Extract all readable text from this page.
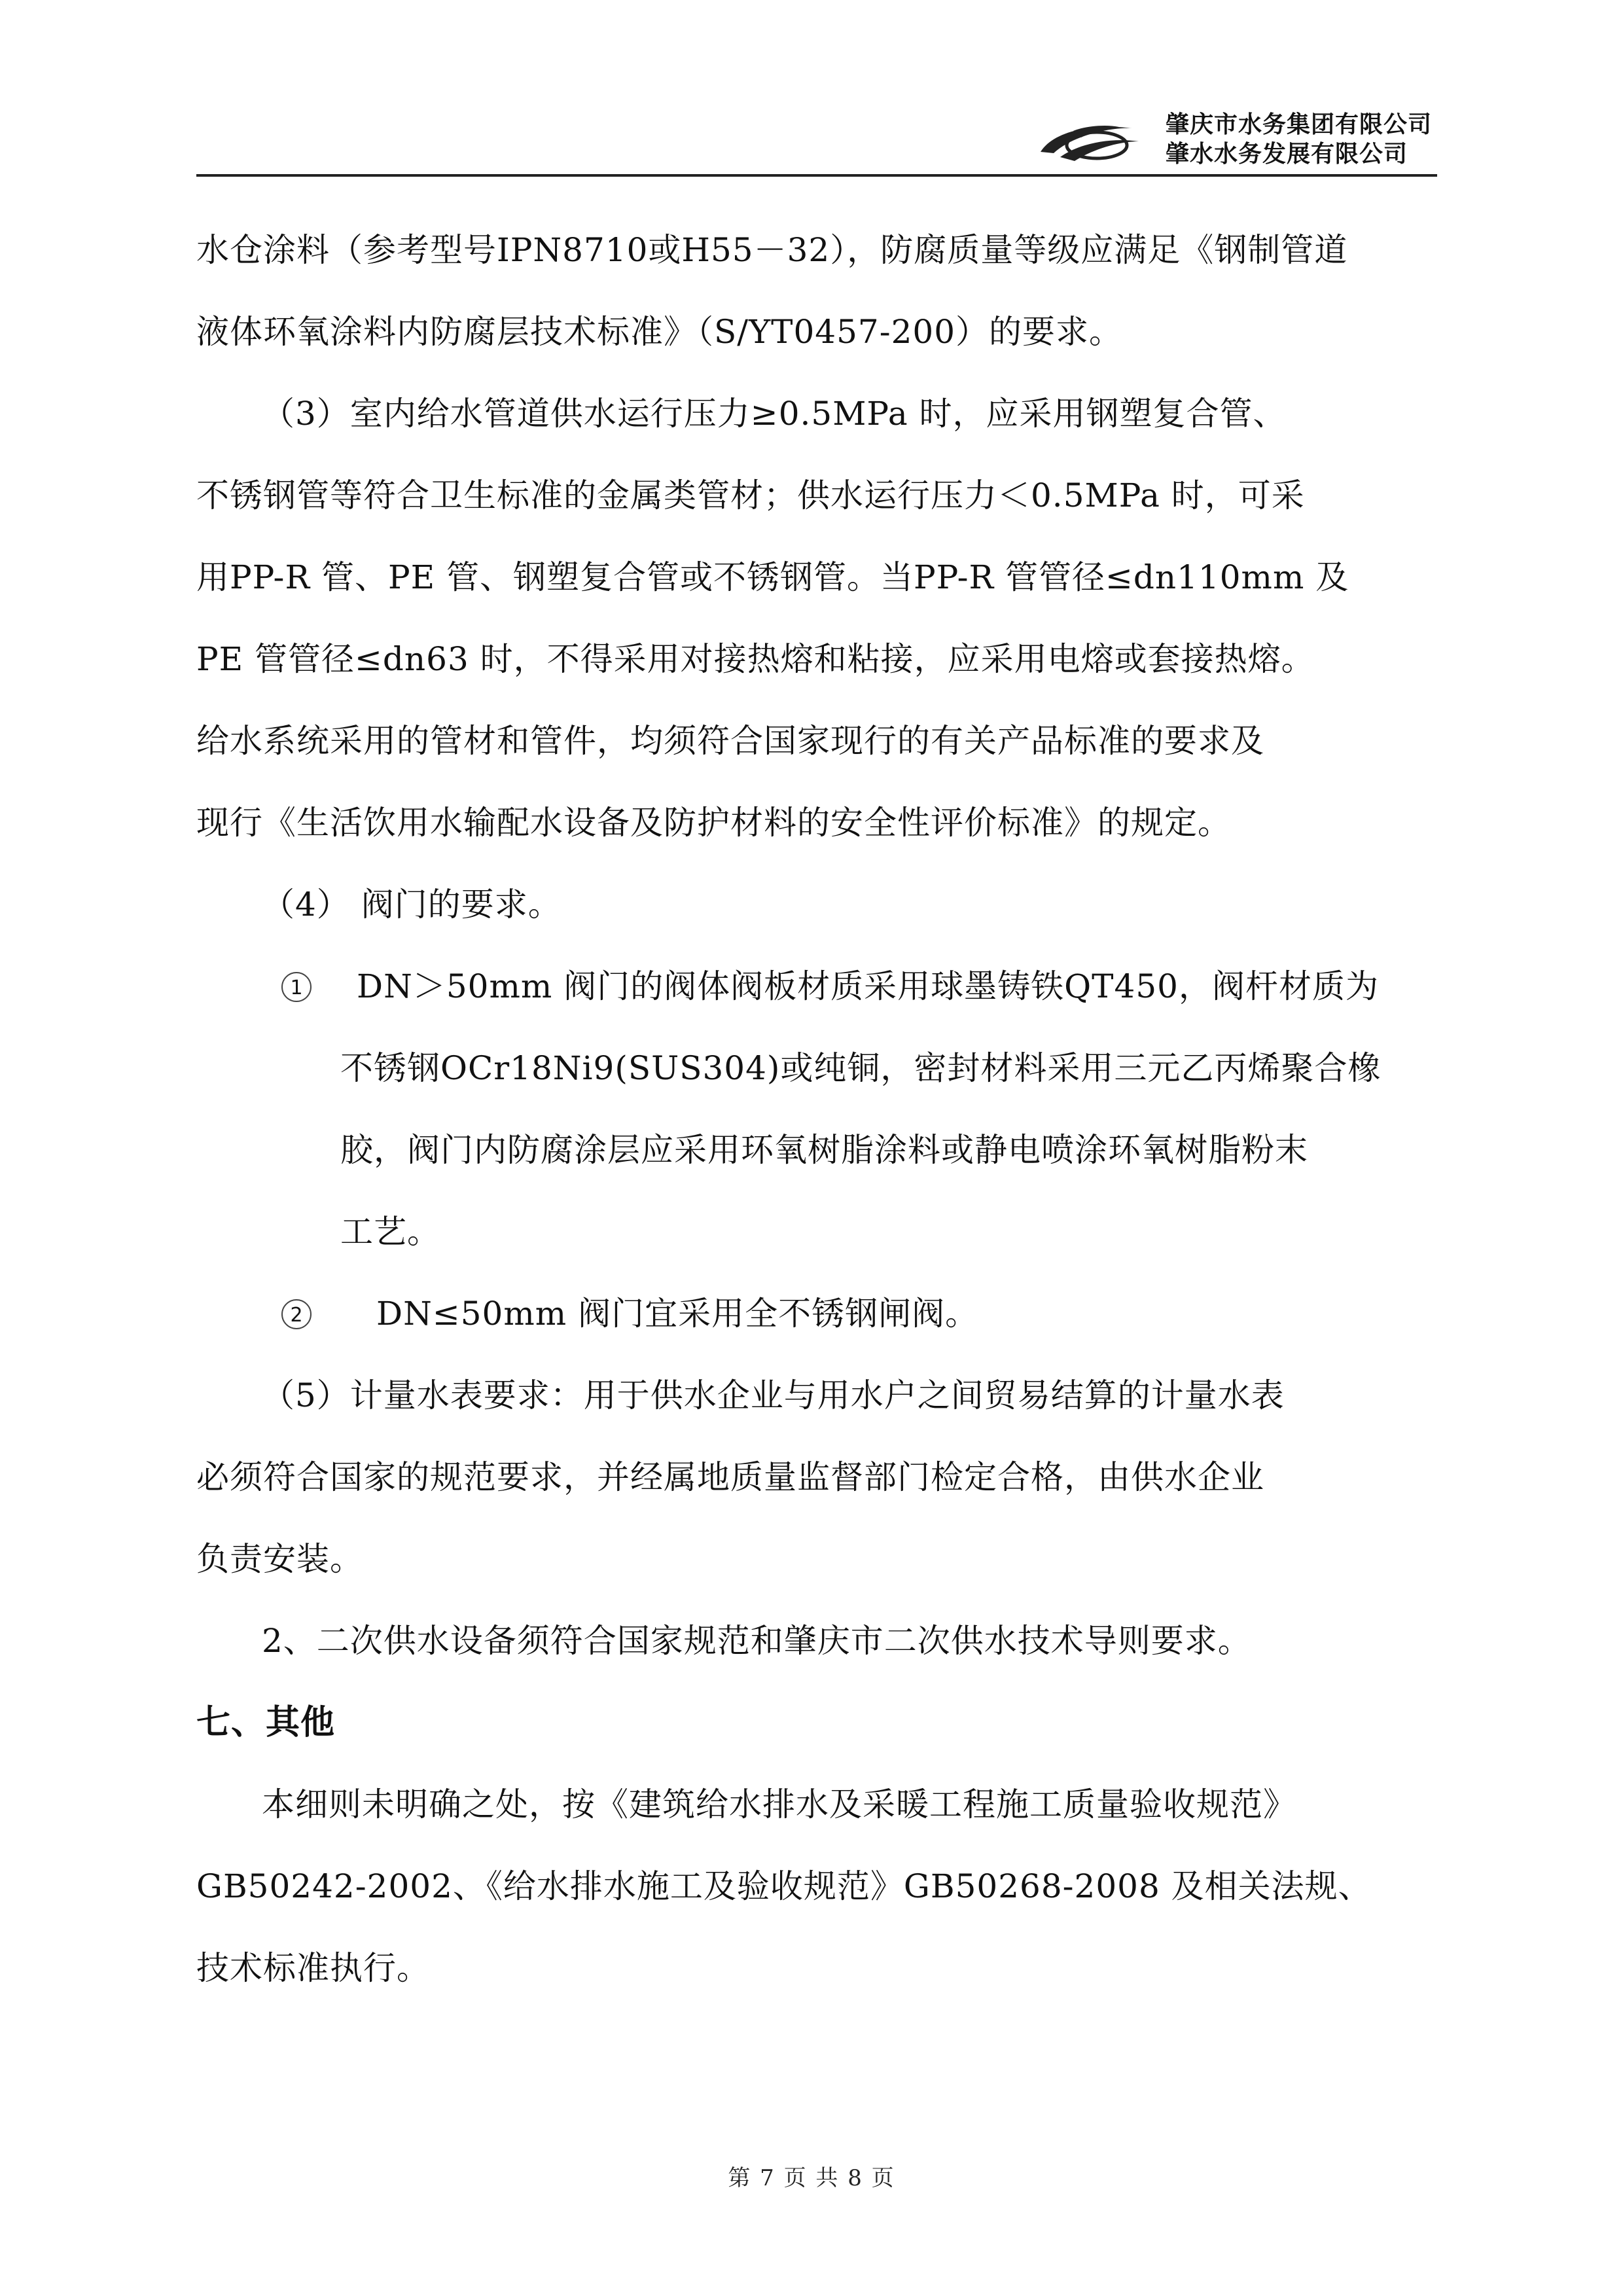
肇庆市水务集团有限公司
肇水水务发展有限公司
水仓涂料（参考型号IPN8710或H55－32），防腐质量等级应满足《钢制管道
液体环氧涂料内防腐层技术标准》（S/YT0457-200）的要求。
（3）室内给水管道供水运行压力≥0.5MPa 时，应采用钢塑复合管、
不锈钢管等符合卫生标准的金属类管材；供水运行压力＜0.5MPa 时，可采
用PP-R 管、PE 管、钢塑复合管或不锈钢管。当PP-R 管管径≤dn110mm 及
PE 管管径≤dn63 时，不得采用对接热熔和粘接，应采用电熔或套接热熔。
给水系统采用的管材和管件，均须符合国家现行的有关产品标准的要求及
现行《生活饮用水输配水设备及防护材料的安全性评价标准》的规定。
（4） 阀门的要求。
1 DN＞50mm 阀门的阀体阀板材质采用球墨铸铁QT450，阀杆材质为
不锈钢OCr18Ni9(SUS304)或纯铜，密封材料采用三元乙丙烯聚合橡
胶，阀门内防腐涂层应采用环氧树脂涂料或静电喷涂环氧树脂粉末
工艺。
2 DN≤50mm 阀门宜采用全不锈钢闸阀。
（5）计量水表要求：用于供水企业与用水户之间贸易结算的计量水表
必须符合国家的规范要求，并经属地质量监督部门检定合格，由供水企业
负责安装。
2、二次供水设备须符合国家规范和肇庆市二次供水技术导则要求。
七、其他
本细则未明确之处，按《建筑给水排水及采暖工程施工质量验收规范》
GB50242-2002、《给水排水施工及验收规范》GB50268-2008 及相关法规、
技术标准执行。
第 7 页 共 8 页
